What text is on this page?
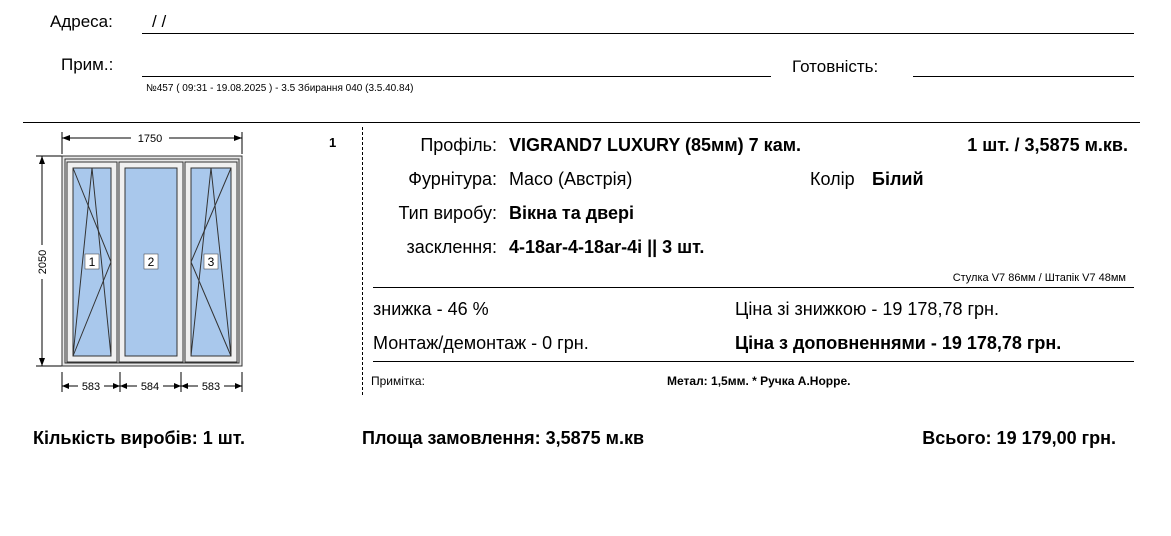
Адреса: / /
Прим.:	Готовність:
№457 ( 09:31 - 19.08.2025 ) - 3.5 Збирання 040 (3.5.40.84)
1750
2050	1	2	3
583	584	583
1	Профіль: VIGRAND7 LUXURY (85мм) 7 кам.	1 шт. / 3,5875 м.кв.
Фурнітура: Maco (Австрія)	Колір Білий
Тип виробу: Вікна та двері
засклення: 4-18ar-4-18ar-4i || 3 шт.
Стулка V7 86мм / Штапік V7 48мм
знижка - 46 %	Ціна зі знижкою - 19 178,78 грн.
Монтаж/демонтаж - 0 грн.	Ціна з доповненнями - 19 178,78 грн.
Примітка:	Метал: 1,5мм. * Ручка А.Норре.
Кількість виробів: 1 шт.	Площа замовлення: 3,5875 м.кв	Всього: 19 179,00 грн.
